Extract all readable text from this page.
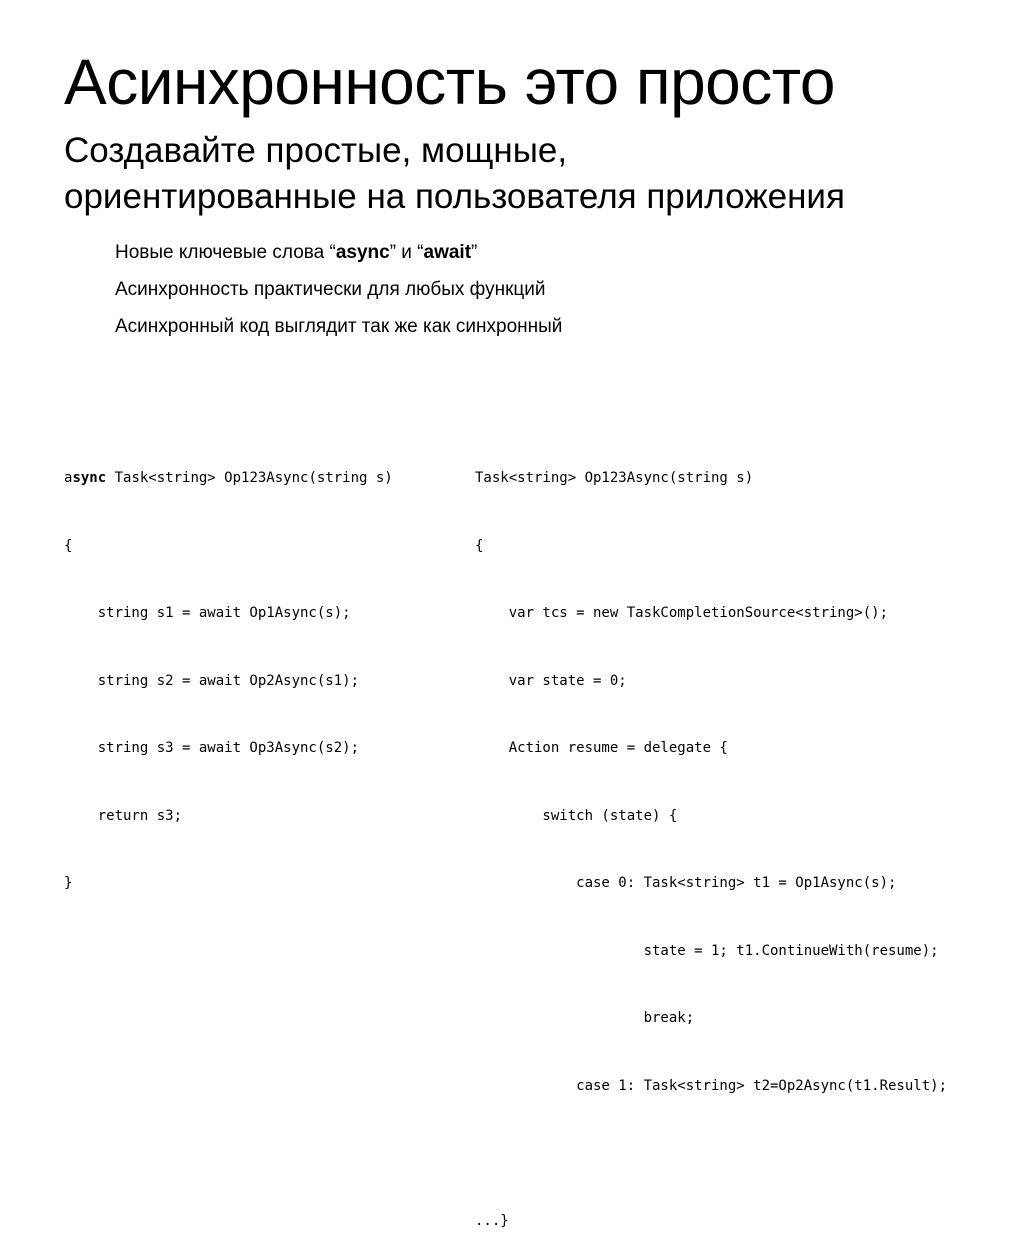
Асинхронность это просто
Создавайте простые, мощные,
ориентированные на пользователя приложения
Новые ключевые слова “async” и “await”
Асинхронность практически для любых функций
Асинхронный код выглядит так же как синхронный

async Task<string> Op123Async(string s)

{

string s1 = await Op1Async(s);

string s2 = await Op2Async(s1);

string s3 = await Op3Async(s2);

return s3;

}

Task<string> Op123Async(string s)

{

var tcs = new TaskCompletionSource<string>();

var state = 0;

Action resume = delegate {

switch (state) {

case 0: Task<string> t1 = Op1Async(s);

state = 1; t1.ContinueWith(resume);

break;

case 1: Task<string> t2=Op2Async(t1.Result);

...}
